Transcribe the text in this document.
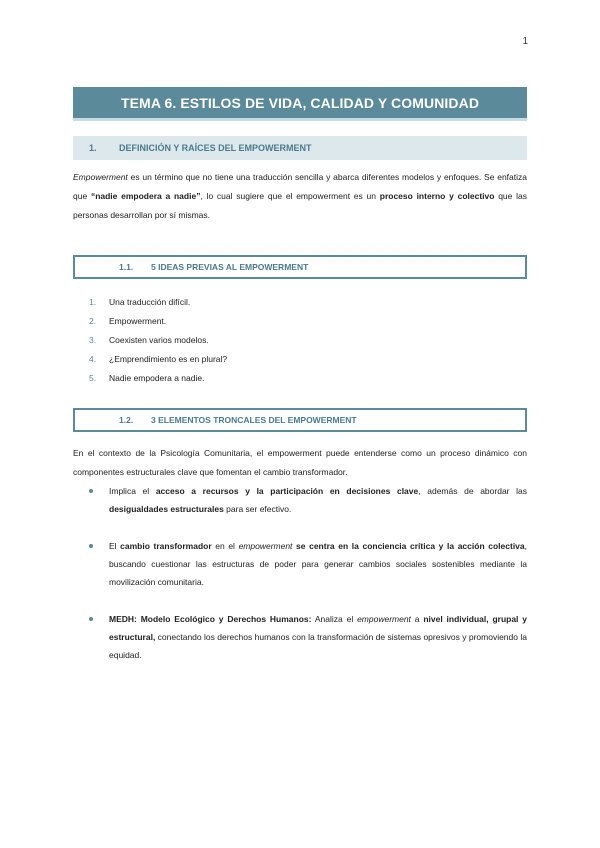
1
TEMA 6. ESTILOS DE VIDA, CALIDAD Y COMUNIDAD
1.	DEFINICIÓN Y RAÍCES DEL EMPOWERMENT

Empowerment es un término que no tiene una traducción sencilla y abarca diferentes modelos y enfoques. Se enfatiza que “nadie empodera a nadie”, lo cual sugiere que el empowerment es un proceso interno y colectivo que las personas desarrollan por sí mismas.

1.1.	5 IDEAS PREVIAS AL EMPOWERMENT
1.	Una traducción difícil.
2.	Empowerment.
3.	Coexisten varios modelos.
4.	¿Emprendimiento es en plural?
5.	Nadie empodera a nadie.
1.2.	3 ELEMENTOS TRONCALES DEL EMPOWERMENT

En el contexto de la Psicología Comunitaria, el empowerment puede entenderse como un proceso dinámico con componentes estructurales clave que fomentan el cambio transformador.

Implica el acceso a recursos y la participación en decisiones clave, además de abordar las desigualdades estructurales para ser efectivo.
El cambio transformador en el empowerment se centra en la conciencia crítica y la acción colectiva, buscando cuestionar las estructuras de poder para generar cambios sociales sostenibles mediante la movilización comunitaria.
MEDH: Modelo Ecológico y Derechos Humanos: Analiza el empowerment a nivel individual, grupal y estructural, conectando los derechos humanos con la transformación de sistemas opresivos y promoviendo la equidad.
